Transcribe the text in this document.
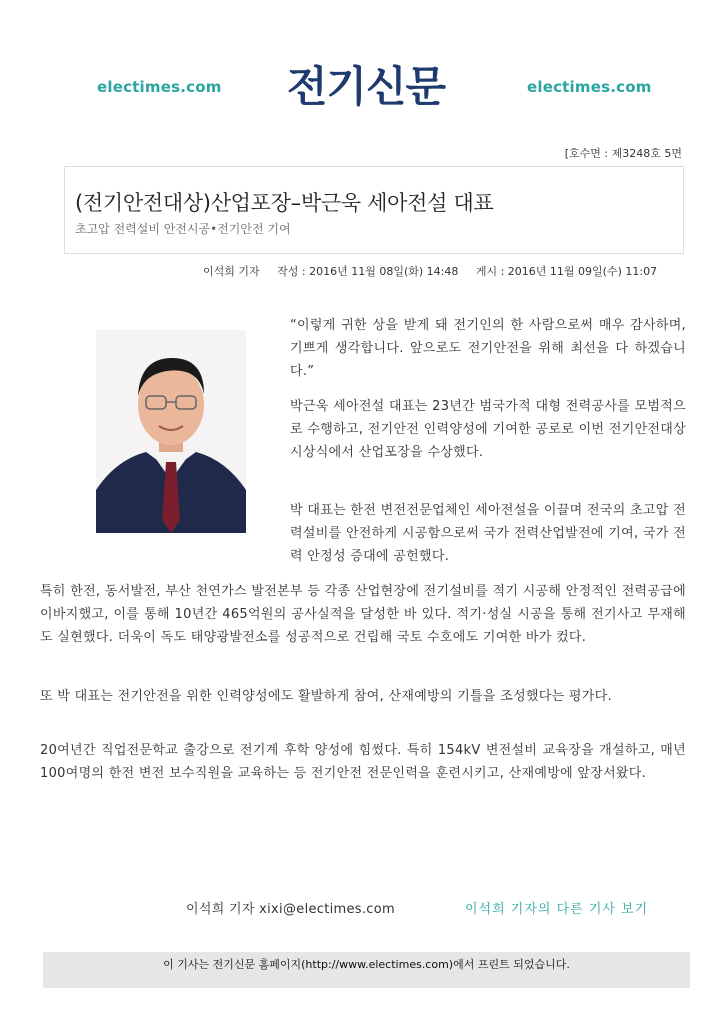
electimes.com	전기신문	electimes.com
[호수면 : 제3248호 5면
(전기안전대상)산업포장–박근욱 세아전설 대표
초고압 전력설비 안전시공•전기안전 기여
이석희 기자 작성 : 2016년 11월 08일(화) 14:48 게시 : 2016년 11월 09일(수) 11:07
“이렇게 귀한 상을 받게 돼 전기인의 한 사람으로써 매우 감사하며, 기쁘게 생각합니다. 앞으로도 전기안전을 위해 최선을 다 하겠습니다.”
박근욱 세아전설 대표는 23년간 범국가적 대형 전력공사를 모범적으로 수행하고, 전기안전 인력양성에 기여한 공로로 이번 전기안전대상 시상식에서 산업포장을 수상했다.
박 대표는 한전 변전전문업체인 세아전설을 이끌며 전국의 초고압 전력설비를 안전하게 시공함으로써 국가 전력산업발전에 기여, 국가 전력 안정성 증대에 공헌했다.
특히 한전, 동서발전, 부산 천연가스 발전본부 등 각종 산업현장에 전기설비를 적기 시공해 안정적인 전력공급에 이바지했고, 이를 통해 10년간 465억원의 공사실적을 달성한 바 있다. 적기·성실 시공을 통해 전기사고 무재해도 실현했다. 더욱이 독도 태양광발전소를 성공적으로 건립해 국토 수호에도 기여한 바가 컸다.
또 박 대표는 전기안전을 위한 인력양성에도 활발하게 참여, 산재예방의 기틀을 조성했다는 평가다.
20여년간 직업전문학교 출강으로 전기계 후학 양성에 힘썼다. 특히 154kV 변전설비 교육장을 개설하고, 매년 100여명의 한전 변전 보수직원을 교육하는 등 전기안전 전문인력을 훈련시키고, 산재예방에 앞장서왔다.
이석희 기자 xixi@electimes.com	이석희 기자의 다른 기사 보기
이 기사는 전기신문 홈페이지(http://www.electimes.com)에서 프린트 되었습니다.
